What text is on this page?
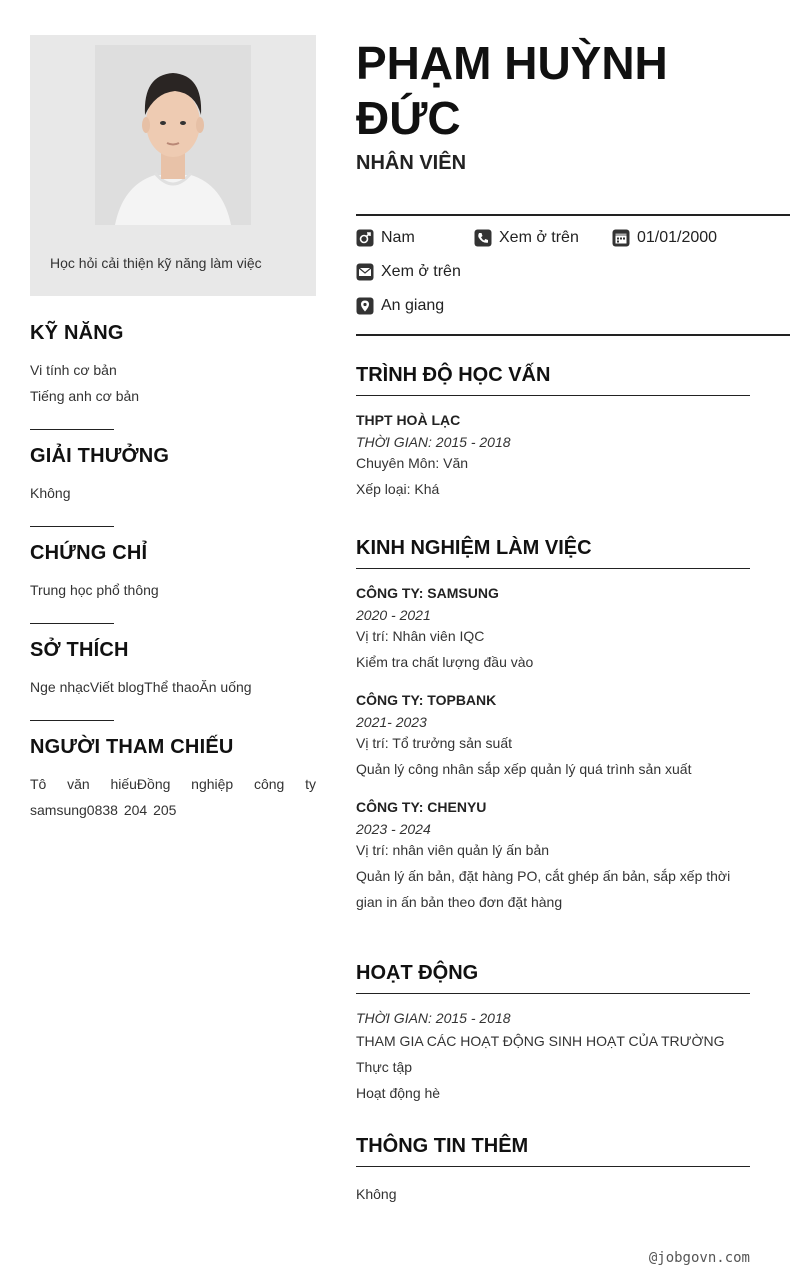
Học hỏi cải thiện kỹ năng làm việc
KỸ NĂNG
Vi tính cơ bản
Tiếng anh cơ bản
GIẢI THƯỞNG
Không
CHỨNG CHỈ
Trung học phổ thông
SỞ THÍCH
Nge nhạcViết blogThể thaoĂn uống
NGƯỜI THAM CHIẾU
Tô văn hiếuĐồng nghiệp công ty samsung0838 204 205
PHẠM HUỲNH ĐỨC
NHÂN VIÊN
Nam	Xem ở trên	01/01/2000
Xem ở trên
An giang
TRÌNH ĐỘ HỌC VẤN
THPT HOÀ LẠC
THỜI GIAN: 2015 - 2018
Chuyên Môn: Văn
Xếp loại: Khá
KINH NGHIỆM LÀM VIỆC
CÔNG TY: SAMSUNG
2020 - 2021
Vị trí: Nhân viên IQC
Kiểm tra chất lượng đầu vào
CÔNG TY: TOPBANK
2021- 2023
Vị trí: Tổ trưởng sản suất
Quản lý công nhân sắp xếp quản lý quá trình sản xuất
CÔNG TY: CHENYU
2023 - 2024
Vị trí: nhân viên quản lý ấn bản
Quản lý ấn bản, đặt hàng PO, cắt ghép ấn bản, sắp xếp thời gian in ấn bản theo đơn đặt hàng
HOẠT ĐỘNG
THỜI GIAN: 2015 - 2018
THAM GIA CÁC HOẠT ĐỘNG SINH HOẠT CỦA TRƯỜNG
Thực tập
Hoạt động hè
THÔNG TIN THÊM
Không
@jobgovn.com
